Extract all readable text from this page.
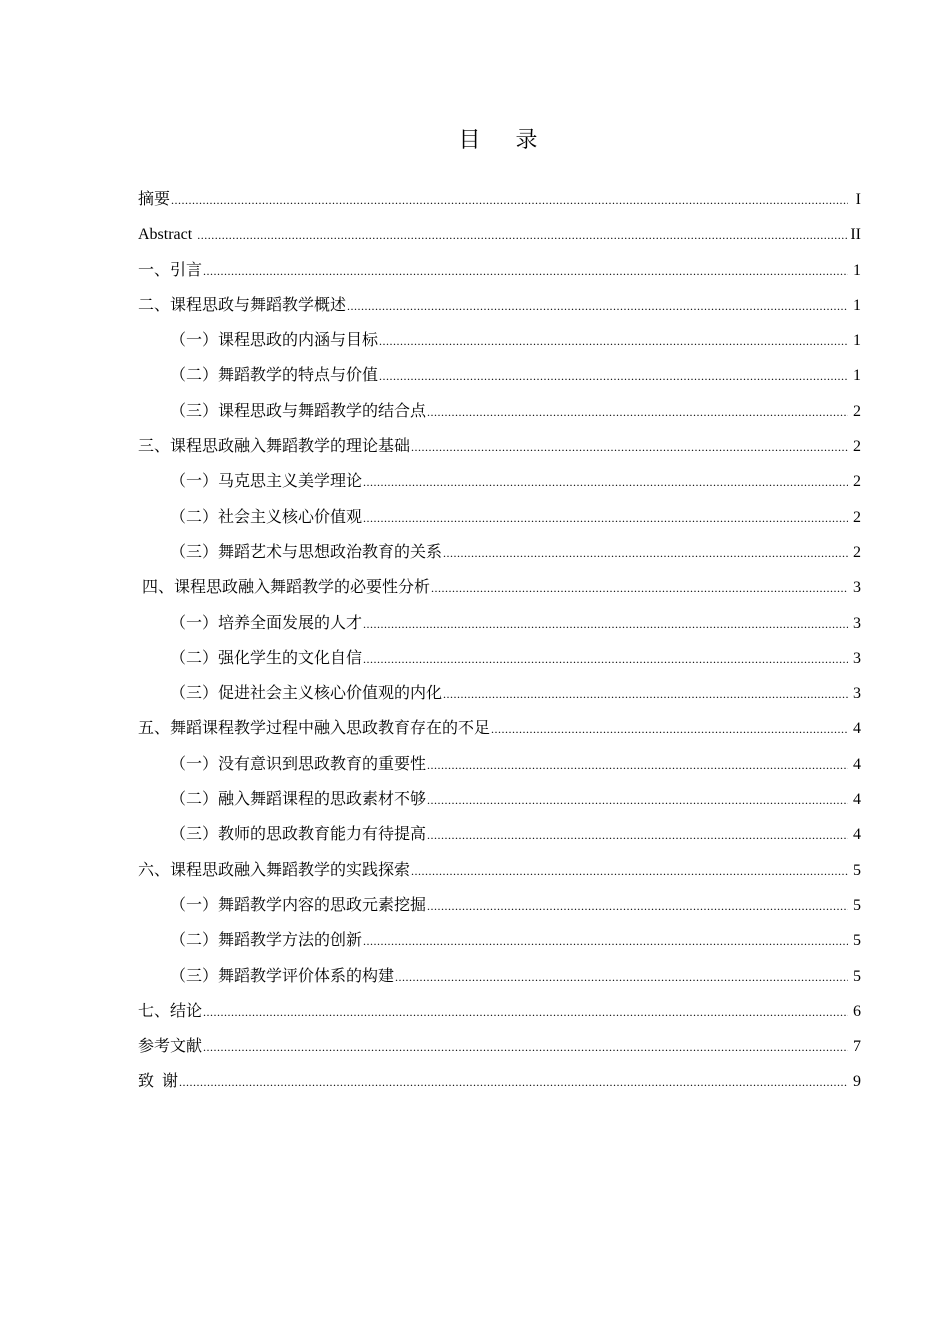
目 录
摘要 .....	I
Abstract .....	II
一、引言 .....	1
二、课程思政与舞蹈教学概述 .....	1
（一）课程思政的内涵与目标 .....	1
（二）舞蹈教学的特点与价值 .....	1
（三）课程思政与舞蹈教学的结合点 .....	2
三、课程思政融入舞蹈教学的理论基础 .....	2
（一）马克思主义美学理论 .....	2
（二）社会主义核心价值观 .....	2
（三）舞蹈艺术与思想政治教育的关系 .....	2
四、课程思政融入舞蹈教学的必要性分析 .....	3
（一）培养全面发展的人才 .....	3
（二）强化学生的文化自信 .....	3
（三）促进社会主义核心价值观的内化 .....	3
五、舞蹈课程教学过程中融入思政教育存在的不足 .....	4
（一）没有意识到思政教育的重要性 .....	4
（二）融入舞蹈课程的思政素材不够 .....	4
（三）教师的思政教育能力有待提高 .....	4
六、课程思政融入舞蹈教学的实践探索 .....	5
（一）舞蹈教学内容的思政元素挖掘 .....	5
（二）舞蹈教学方法的创新 .....	5
（三）舞蹈教学评价体系的构建 .....	5
七、结论 .....	6
参考文献 .....	7
致  谢 .....	9
